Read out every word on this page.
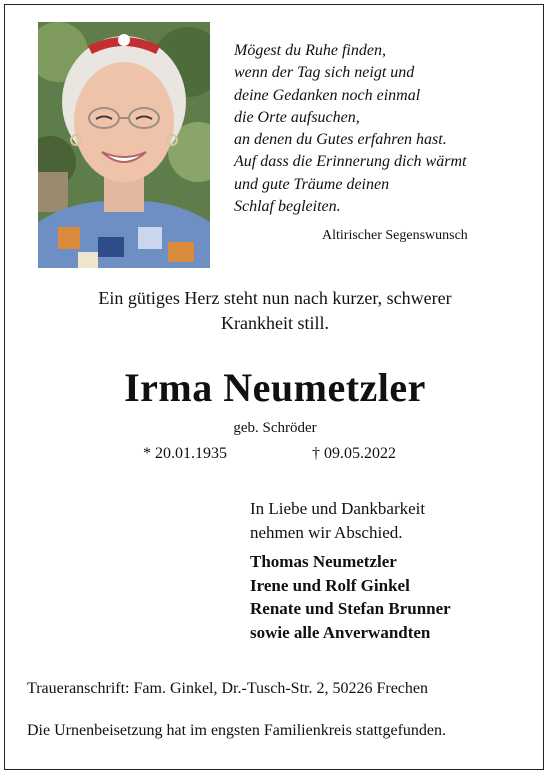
Mögest du Ruhe finden,
wenn der Tag sich neigt und
deine Gedanken noch einmal
die Orte aufsuchen,
an denen du Gutes erfahren hast.
Auf dass die Erinnerung dich wärmt
und gute Träume deinen
Schlaf begleiten.
Altirischer Segenswunsch
Ein gütiges Herz steht nun nach kurzer, schwerer
Krankheit still.
Irma Neumetzler
geb. Schröder
* 20.01.1935	† 09.05.2022
In Liebe und Dankbarkeit
nehmen wir Abschied.
Thomas Neumetzler
Irene und Rolf Ginkel
Renate und Stefan Brunner
sowie alle Anverwandten
Traueranschrift: Fam. Ginkel, Dr.-Tusch-Str. 2, 50226 Frechen
Die Urnenbeisetzung hat im engsten Familienkreis stattgefunden.
